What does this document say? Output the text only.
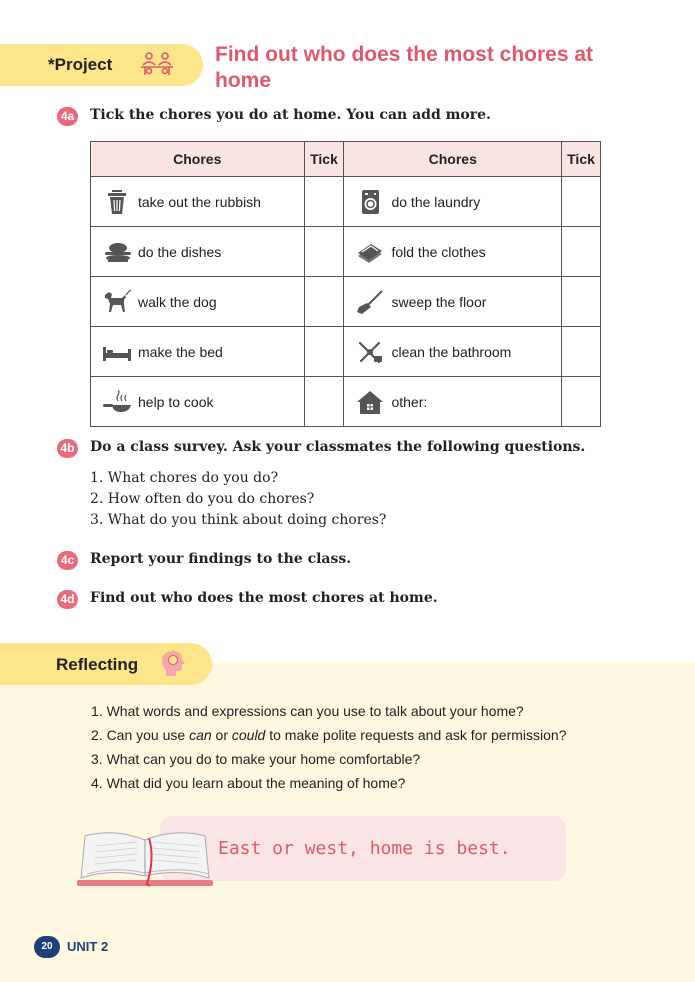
*Project	Find out who does the most chores at home
4a Tick the chores you do at home. You can add more.
Chores	Tick	Chores	Tick

take out the rubbish		do the laundry	

do the dishes		fold the clothes	

walk the dog		sweep the floor	

make the bed		clean the bathroom	

help to cook		other:	

4b Do a class survey. Ask your classmates the following questions.
1. What chores do you do?
2. How often do you do chores?
3. What do you think about doing chores?
4c Report your findings to the class.
4d Find out who does the most chores at home.
Reflecting
1. What words and expressions can you use to talk about your home?
2. Can you use can or could to make polite requests and ask for permission?
3. What can you do to make your home comfortable?
4. What did you learn about the meaning of home?
East or west, home is best.
20	UNIT 2
